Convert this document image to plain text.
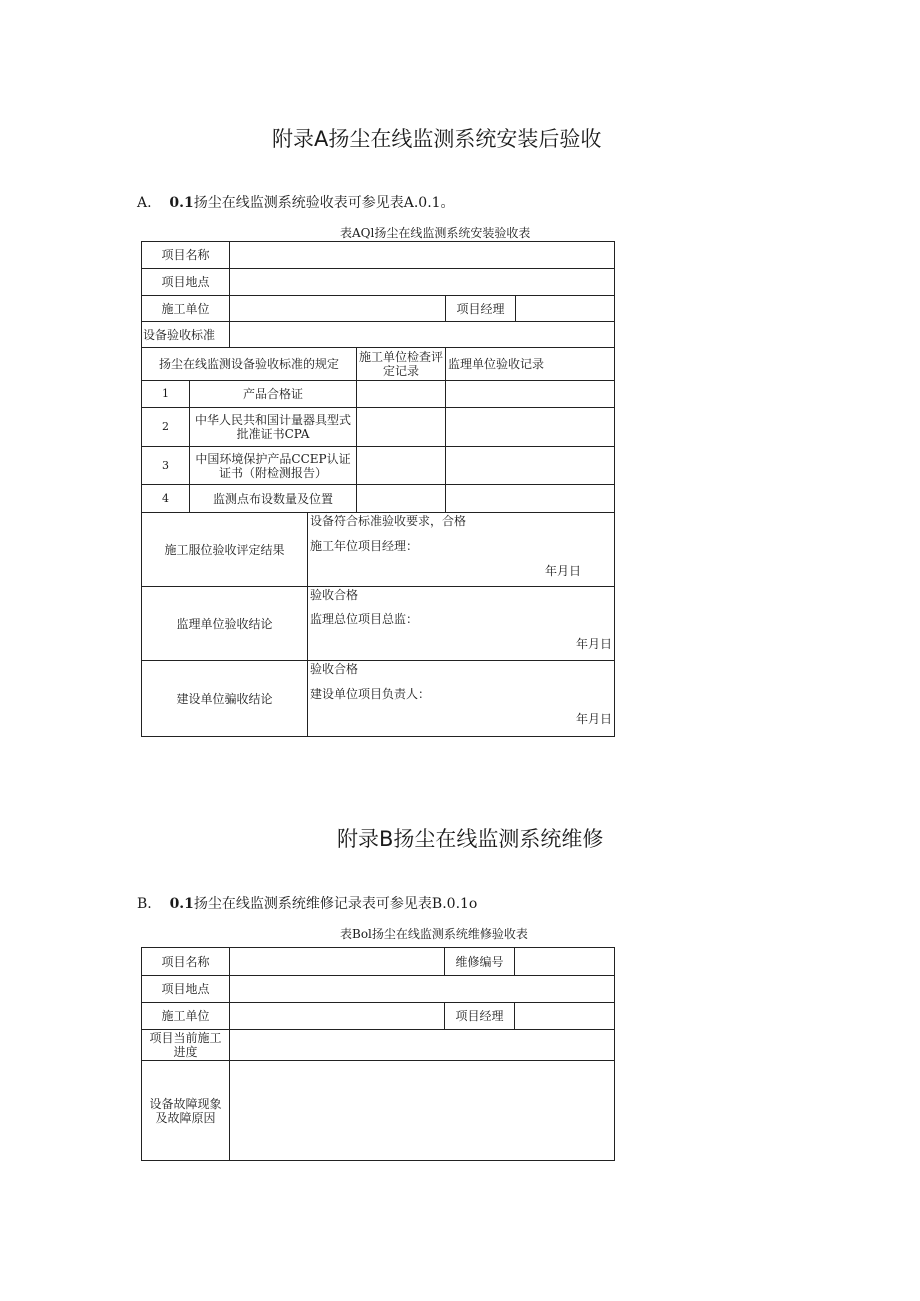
附录A扬尘在线监测系统安装后验收
A. 0.1扬尘在线监测系统验收表可参见表A.0.1。
表AQl扬尘在线监测系统安装验收表
项目名称						
项目地点						
施工单位					项目经理	
设备验收标准						
扬尘在线监测设备验收标准的规定				施工单位检查评定记录	监理单位验收记录	
1	产品合格证					
2	中华人民共和国计量器具型式批准证书CPA					
3	中国环境保护产品CCEP认证证书（附检测报告）					
4	监测点布设数量及位置					
施工服位验收评定结果			设备符合标准验收要求，合格
施工年位项目经理：
年月日			

监理单位验收结论			验收合格
监理总位项目总监：
年月日			

建设单位骗收结论			验收合格
建设单位项目负责人：
年月日			
附录B扬尘在线监测系统维修
B. 0.1扬尘在线监测系统维修记录表可参见表B.0.1o
表Bol扬尘在线监测系统维修验收表
项目名称		维修编号	
项目地点			
施工单位		项目经理	
项目当前施工进度			
设备故障现象及故障原因			
